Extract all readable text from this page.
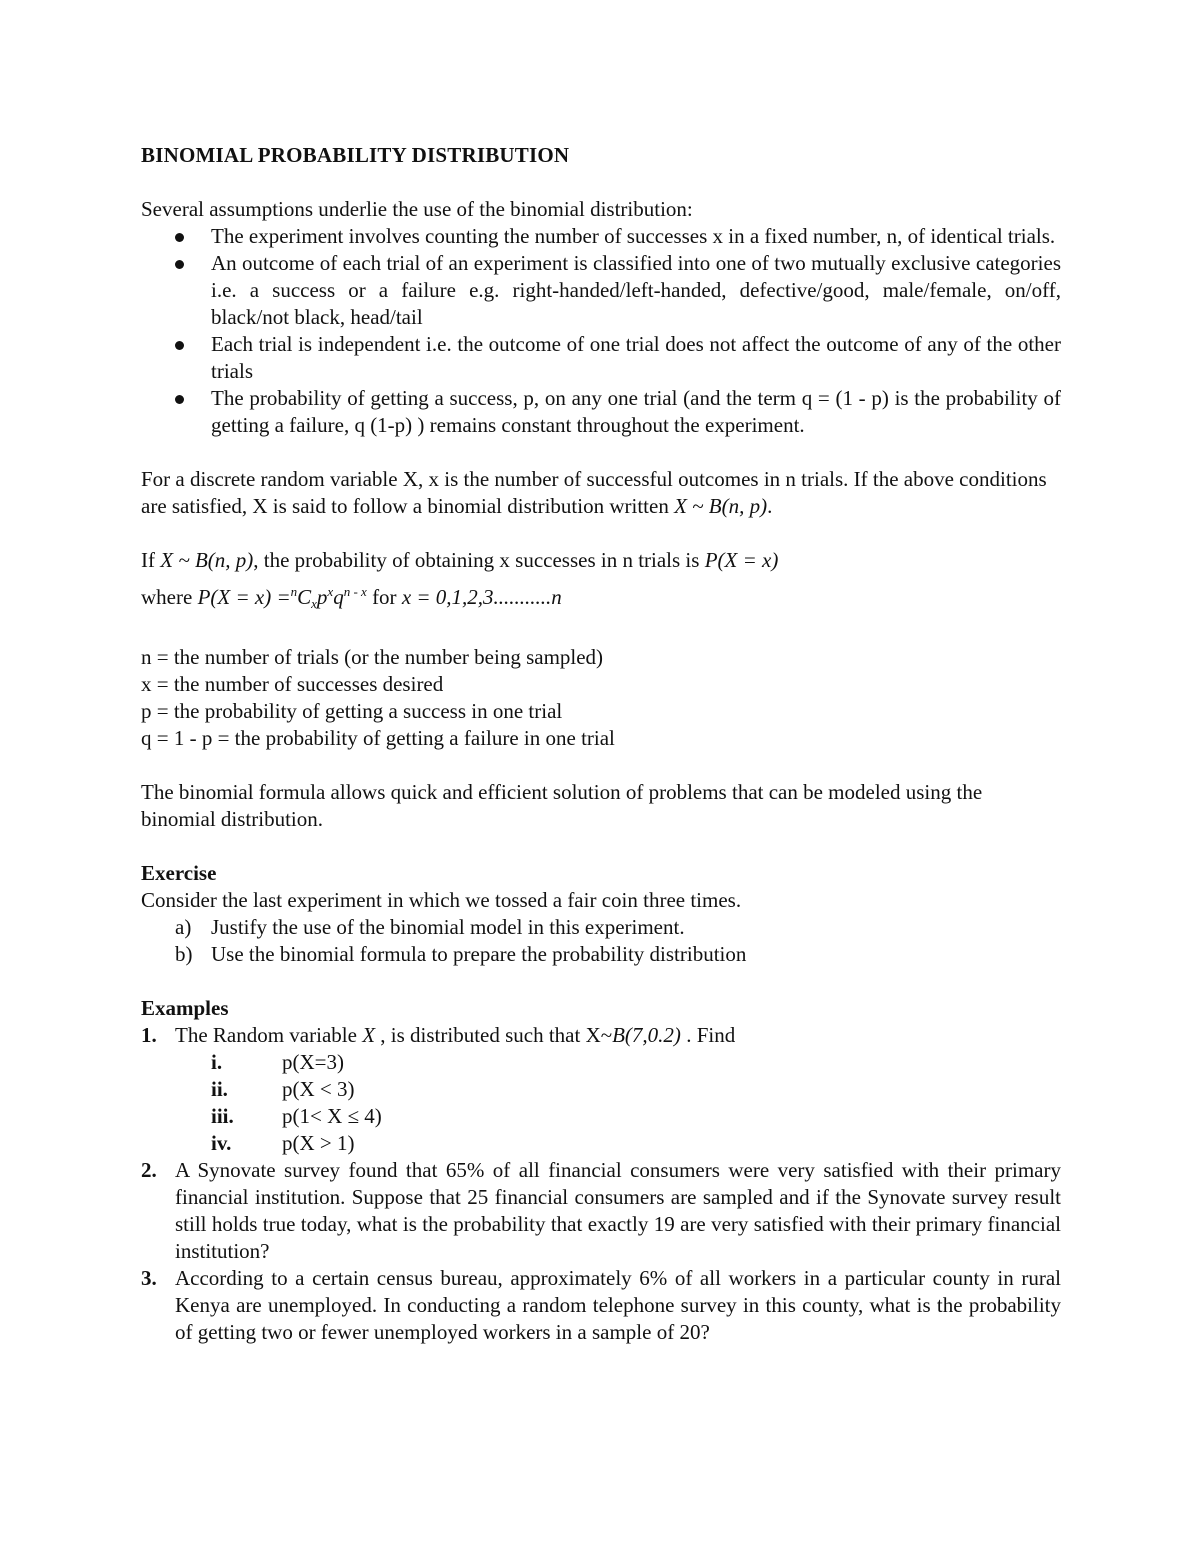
BINOMIAL PROBABILITY DISTRIBUTION

Several assumptions underlie the use of the binomial distribution:

The experiment involves counting the number of successes x in a fixed number, n, of identical trials.
An outcome of each trial of an experiment is classified into one of two mutually exclusive categories i.e. a success or a failure e.g. right-handed/left-handed, defective/good, male/female, on/off, black/not black, head/tail
Each trial is independent i.e. the outcome of one trial does not affect the outcome of any of the other trials
The probability of getting a success, p, on any one trial (and the term q = (1 - p) is the probability of getting a failure, q (1-p) ) remains constant throughout the experiment.

For a discrete random variable X, x is the number of successful outcomes in n trials. If the above conditions are satisfied, X is said to follow a binomial distribution written X ~ B(n, p).

If X ~ B(n, p), the probability of obtaining x successes in n trials is P(X = x)

where $P(X = x) =^nC_xp^xq^{n - x}$ for x = 0,1,2,3...........n

n = the number of trials (or the number being sampled)

x = the number of successes desired

p = the probability of getting a success in one trial

q = 1 - p = the probability of getting a failure in one trial

The binomial formula allows quick and efficient solution of problems that can be modeled using the binomial distribution.

Exercise

Consider the last experiment in which we tossed a fair coin three times.

a) Justify the use of the binomial model in this experiment.
b) Use the binomial formula to prepare the probability distribution

Examples

1. The Random variable X , is distributed such that X~B(7,0.2) . Find
i.	p(X=3)
ii.	p(X < 3)
iii. p(1< X ≤ 4)
iv. p(X > 1)
2. A Synovate survey found that 65% of all financial consumers were very satisfied with their primary financial institution. Suppose that 25 financial consumers are sampled and if the Synovate survey result still holds true today, what is the probability that exactly 19 are very satisfied with their primary financial institution?
3. According to a certain census bureau, approximately 6% of all workers in a particular county in rural Kenya are unemployed. In conducting a random telephone survey in this county, what is the probability of getting two or fewer unemployed workers in a sample of 20?
